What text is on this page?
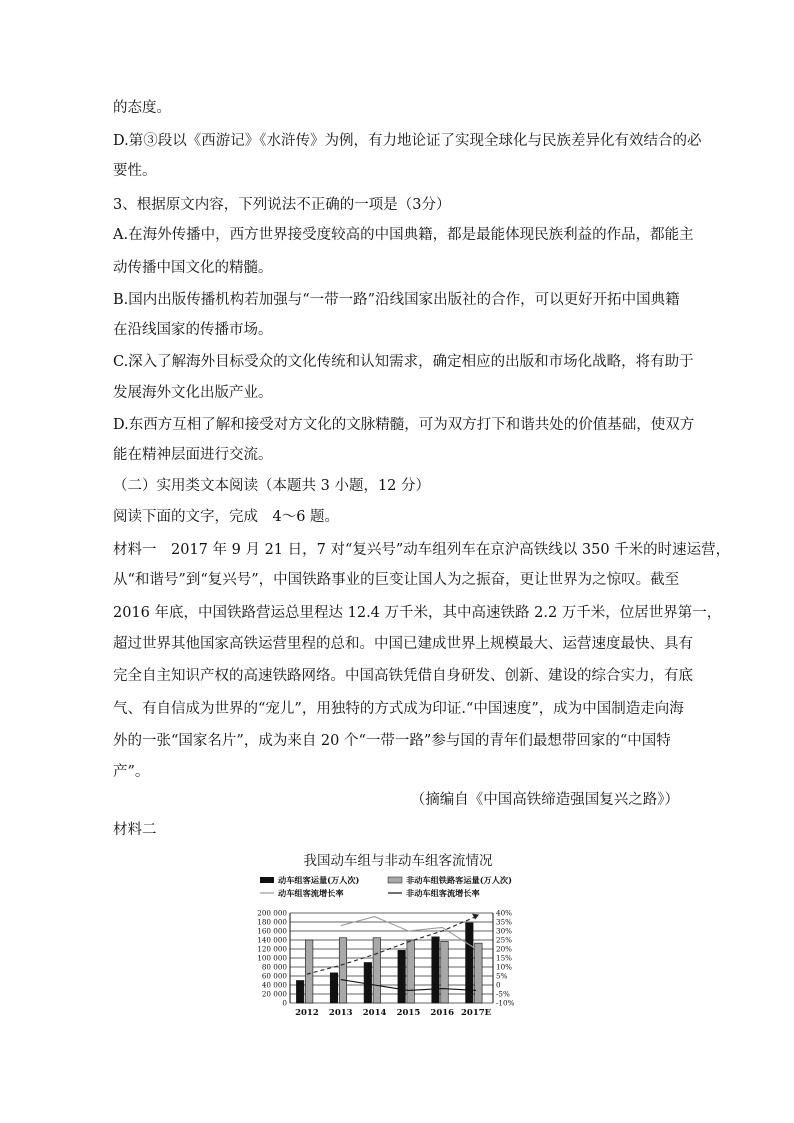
的态度。
D.第③段以《西游记》《水浒传》为例，有力地论证了实现全球化与民族差异化有效结合的必
要性。
3、根据原文内容，下列说法不正确的一项是（3分）
A.在海外传播中，西方世界接受度较高的中国典籍，都是最能体现民族利益的作品，都能主
动传播中国文化的精髓。
B.国内出版传播机构若加强与“一带一路”沿线国家出版社的合作，可以更好开拓中国典籍
在沿线国家的传播市场。
C.深入了解海外目标受众的文化传统和认知需求，确定相应的出版和市场化战略，将有助于
发展海外文化出版产业。
D.东西方互相了解和接受对方文化的文脉精髓，可为双方打下和谐共处的价值基础，使双方
能在精神层面进行交流。
（二）实用类文本阅读（本题共 3 小题，12 分）
阅读下面的文字，完成　4～6 题。
材料一　2017 年 9 月 21 日，7 对“复兴号”动车组列车在京沪高铁线以 350 千米的时速运营，
从“和谐号”到“复兴号”，中国铁路事业的巨变让国人为之振奋，更让世界为之惊叹。截至
2016 年底，中国铁路营运总里程达 12.4 万千米，其中高速铁路 2.2 万千米，位居世界第一，
超过世界其他国家高铁运营里程的总和。中国已建成世界上规模最大、运营速度最快、具有
完全自主知识产权的高速铁路网络。中国高铁凭借自身研发、创新、建设的综合实力，有底
气、有自信成为世界的“宠儿”，用独特的方式成为印证.“中国速度”，成为中国制造走向海
外的一张“国家名片”，成为来自 20 个“一带一路”参与国的青年们最想带回家的“中国特
产”。
（摘编自《中国高铁缔造强国复兴之路》）
材料二
我国动车组与非动车组客流情况
动车组客运量(万人次)	非动车组铁路客运量(万人次)
动车组客流增长率	非动车组客流增长率
0
20 000
40 000
60 000
80 000
100 000
120 000
140 000
160 000
180 000
200 000
-10%
-5%
0
5%
10%
15%
20%
25%
30%
35%
40%
2012 2013 2014 2015 2016 2017E
